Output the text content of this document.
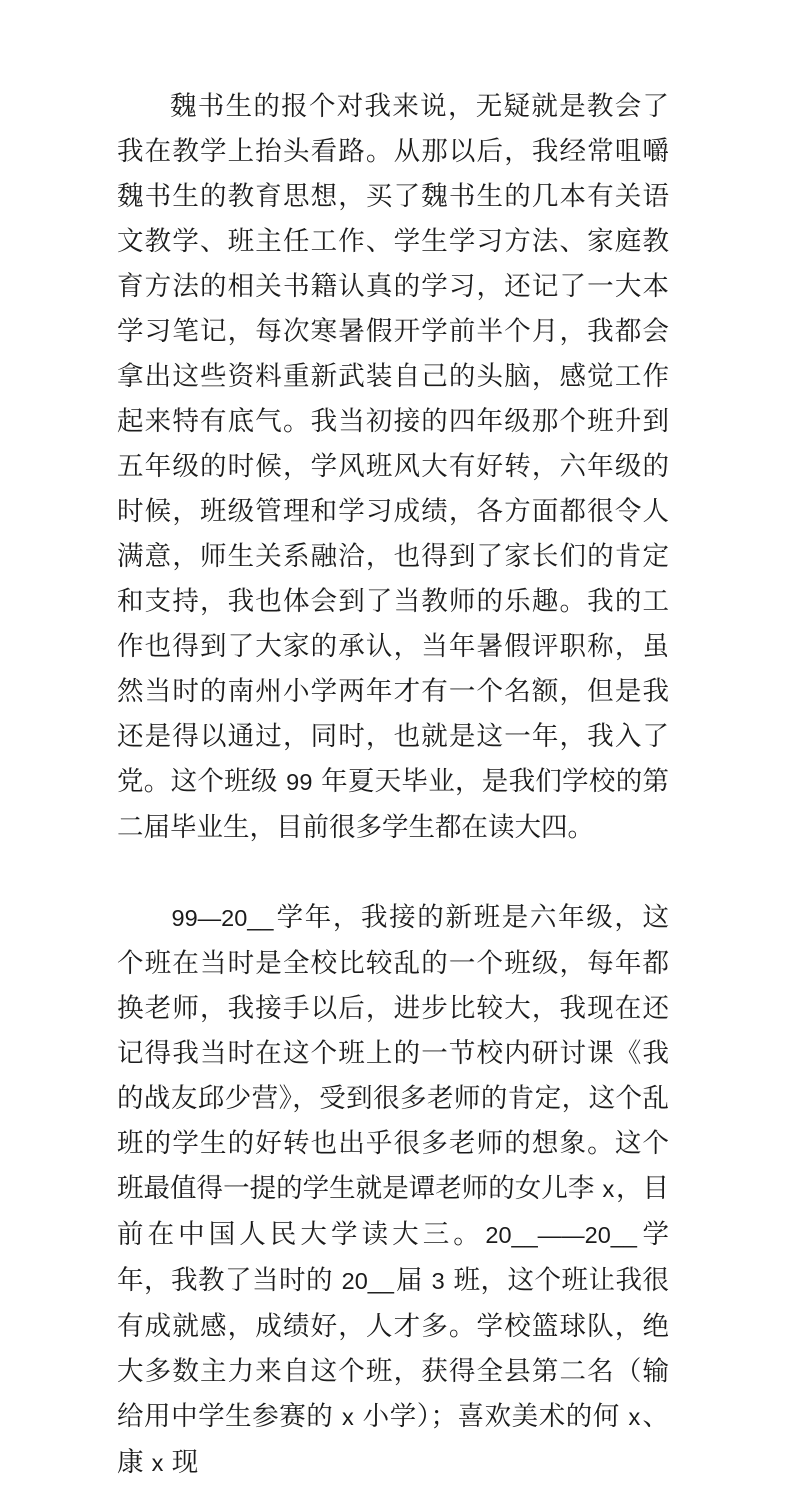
魏书生的报个对我来说，无疑就是教会了我在教学上抬头看路。从那以后，我经常咀嚼魏书生的教育思想，买了魏书生的几本有关语文教学、班主任工作、学生学习方法、家庭教育方法的相关书籍认真的学习，还记了一大本学习笔记，每次寒暑假开学前半个月，我都会拿出这些资料重新武装自己的头脑，感觉工作起来特有底气。我当初接的四年级那个班升到五年级的时候，学风班风大有好转，六年级的时候，班级管理和学习成绩，各方面都很令人满意，师生关系融洽，也得到了家长们的肯定和支持，我也体会到了当教师的乐趣。我的工作也得到了大家的承认，当年暑假评职称，虽然当时的南州小学两年才有一个名额，但是我还是得以通过，同时，也就是这一年，我入了党。这个班级 99 年夏天毕业，是我们学校的第二届毕业生，目前很多学生都在读大四。

99—20__学年，我接的新班是六年级，这个班在当时是全校比较乱的一个班级，每年都换老师，我接手以后，进步比较大，我现在还记得我当时在这个班上的一节校内研讨课《我的战友邱少营》，受到很多老师的肯定，这个乱班的学生的好转也出乎很多老师的想象。这个班最值得一提的学生就是谭老师的女儿李 x，目前在中国人民大学读大三。20__——20__学年，我教了当时的 20__届 3 班，这个班让我很有成就感，成绩好，人才多。学校篮球队，绝大多数主力来自这个班，获得全县第二名（输给用中学生参赛的 x 小学）；喜欢美术的何 x、康 x 现
